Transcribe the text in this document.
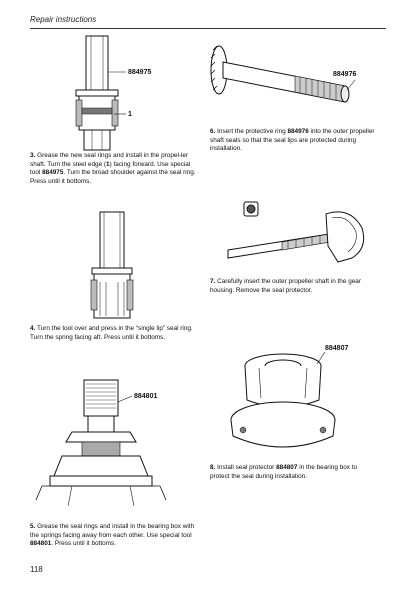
Repair instructions
884975
1
3. Grease the new seal rings and install in the propel-ler shaft. Turn the steel edge (1) facing forward. Use special tool 884975. Turn the broad shoulder against the seal ring. Press until it bottoms.
884976
6. Insert the protective ring 884976 into the outer propeller shaft seals so that the seal lips are protected during installation.
4. Turn the tool over and press in the “single lip” seal ring. Turn the spring facing aft. Press until it bottoms.
7. Carefully insert the outer propeller shaft in the gear housing. Remove the seal protector.
884807
8. Install seal protector 884807 in the bearing box to protect the seal during installation.
884801
5. Grease the seal rings and install in the bearing box with the springs facing away from each other. Use special tool 884801. Press until it bottoms.
118
